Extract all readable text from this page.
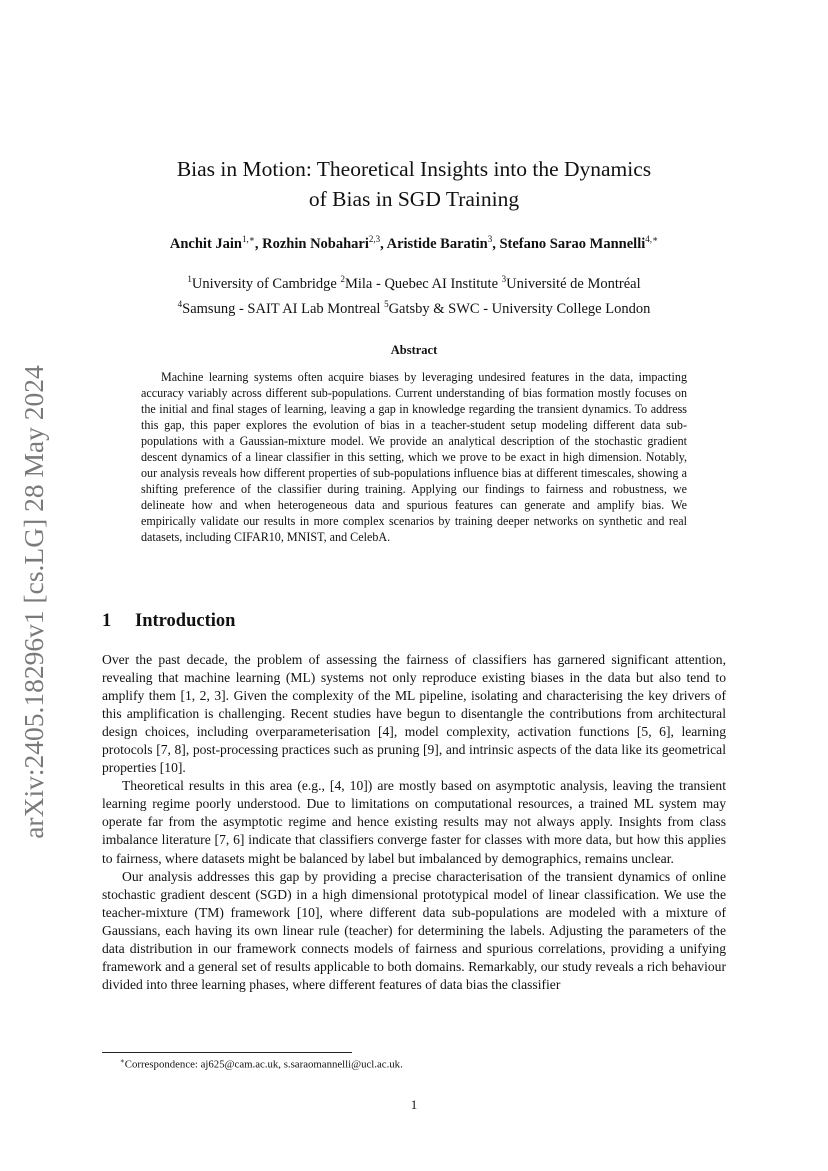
arXiv:2405.18296v1 [cs.LG] 28 May 2024
Bias in Motion: Theoretical Insights into the Dynamics
of Bias in SGD Training
Anchit Jain$^{1,∗}$, Rozhin Nobahari$^{2,3}$, Aristide Baratin$^3$, Stefano Sarao Mannelli$^{4,∗}$
$^1$University of Cambridge $^2$Mila - Quebec AI Institute $^3$Université de Montréal
$^4$Samsung - SAIT AI Lab Montreal $^5$Gatsby & SWC - University College London
Abstract

Machine learning systems often acquire biases by leveraging undesired features in the data, impacting accuracy variably across different sub-populations. Current understanding of bias formation mostly focuses on the initial and final stages of learning, leaving a gap in knowledge regarding the transient dynamics. To address this gap, this paper explores the evolution of bias in a teacher-student setup modeling different data sub-populations with a Gaussian-mixture model. We provide an analytical description of the stochastic gradient descent dynamics of a linear classifier in this setting, which we prove to be exact in high dimension. Notably, our analysis reveals how different properties of sub-populations influence bias at different timescales, showing a shifting preference of the classifier during training. Applying our findings to fairness and robustness, we delineate how and when heterogeneous data and spurious features can generate and amplify bias. We empirically validate our results in more complex scenarios by training deeper networks on synthetic and real datasets, including CIFAR10, MNIST, and CelebA.

1 Introduction

Over the past decade, the problem of assessing the fairness of classifiers has garnered significant attention, revealing that machine learning (ML) systems not only reproduce existing biases in the data but also tend to amplify them [1, 2, 3]. Given the complexity of the ML pipeline, isolating and characterising the key drivers of this amplification is challenging. Recent studies have begun to disentangle the contributions from architectural design choices, including overparameterisation [4], model complexity, activation functions [5, 6], learning protocols [7, 8], post-processing practices such as pruning [9], and intrinsic aspects of the data like its geometrical properties [10].

Theoretical results in this area (e.g., [4, 10]) are mostly based on asymptotic analysis, leaving the transient learning regime poorly understood. Due to limitations on computational resources, a trained ML system may operate far from the asymptotic regime and hence existing results may not always apply. Insights from class imbalance literature [7, 6] indicate that classifiers converge faster for classes with more data, but how this applies to fairness, where datasets might be balanced by label but imbalanced by demographics, remains unclear.

Our analysis addresses this gap by providing a precise characterisation of the transient dynamics of online stochastic gradient descent (SGD) in a high dimensional prototypical model of linear classification. We use the teacher-mixture (TM) framework [10], where different data sub-populations are modeled with a mixture of Gaussians, each having its own linear rule (teacher) for determining the labels. Adjusting the parameters of the data distribution in our framework connects models of fairness and spurious correlations, providing a unifying framework and a general set of results applicable to both domains. Remarkably, our study reveals a rich behaviour divided into three learning phases, where different features of data bias the classifier

∗Correspondence: aj625@cam.ac.uk, s.saraomannelli@ucl.ac.uk.
1
